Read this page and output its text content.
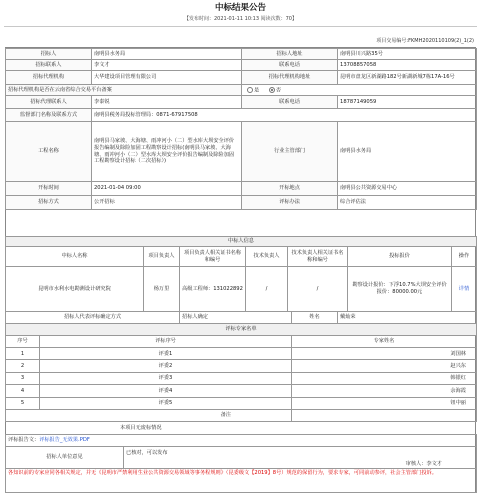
中标结果公告
【发布时间：2021-01-11 10:13 阅读次数：70】
项目交易编号:FKMH2020110109(2)_1(2)
招标人	南明县水务局	招标人地址	南明县川兴路35号
招标联系人	李文才	联系电话	13708857058
招标代理机构	大华建设项目管理有限公司	招标代理机构地址	昆明市盘龙区新湖路182号新湖新城7栋17A-16号
招标代理机构是否在云南省综合交易平台备案		是 否	
招标代理联系人	李泰锐	联系电话	18787149059
监督部门名称及联系方式	南明县税务局投标管理局：0871-67917508		
工程名称	南明县马家坡、大海塘、雨冲河小（二）型水库大坝安全评价报告编制及除险加固工程勘察设计招标(南明县马家坡、大海塘、雨冲河小（二）型水库大坝安全评价报告编制及除险加固工程勘察设计招标（二次招标）)	行业主管部门	南明县水务局
开标时间	2021-01-04 09:00	开标地点	南明县公共资源交易中心
招标方式	公开招标	评标办法	综合评估法
中标人信息						
中标人名称	项目负责人	项目负责人相关证书名称和编号	技术负责人	技术负责人相关证书名称和编号	投标报价	操作
昆明市水利水电勘测设计研究院	杨万里	高级工程师：131022892	/	/	勘察设计报价：下浮10.7%大坝安全评价报价：80000.00元	详情
招标人代表评标确定方式	招标人确定	姓名	戴灿荣
评标专家名单		
序号	评标序号	专家姓名
1	评委1	刘国林
2	评委2	赵兴东
3	评委3	韩银红
4	评委4	余海霞
5	评委5	钮中丽
备注		
本项目无废标情况
评标报告文：评标报告_无效果.PDF
招标人单位意见	
已核对，可以发布
审核人：李文才

各知识前的专家应同各相关规定，并无《昆明市严禁利用生业公共资源交易领域等事务程规则》（昆委级文【2019】8号）规范的保留行为，要求专家，可同前动参评，社会主管部门投诉。
